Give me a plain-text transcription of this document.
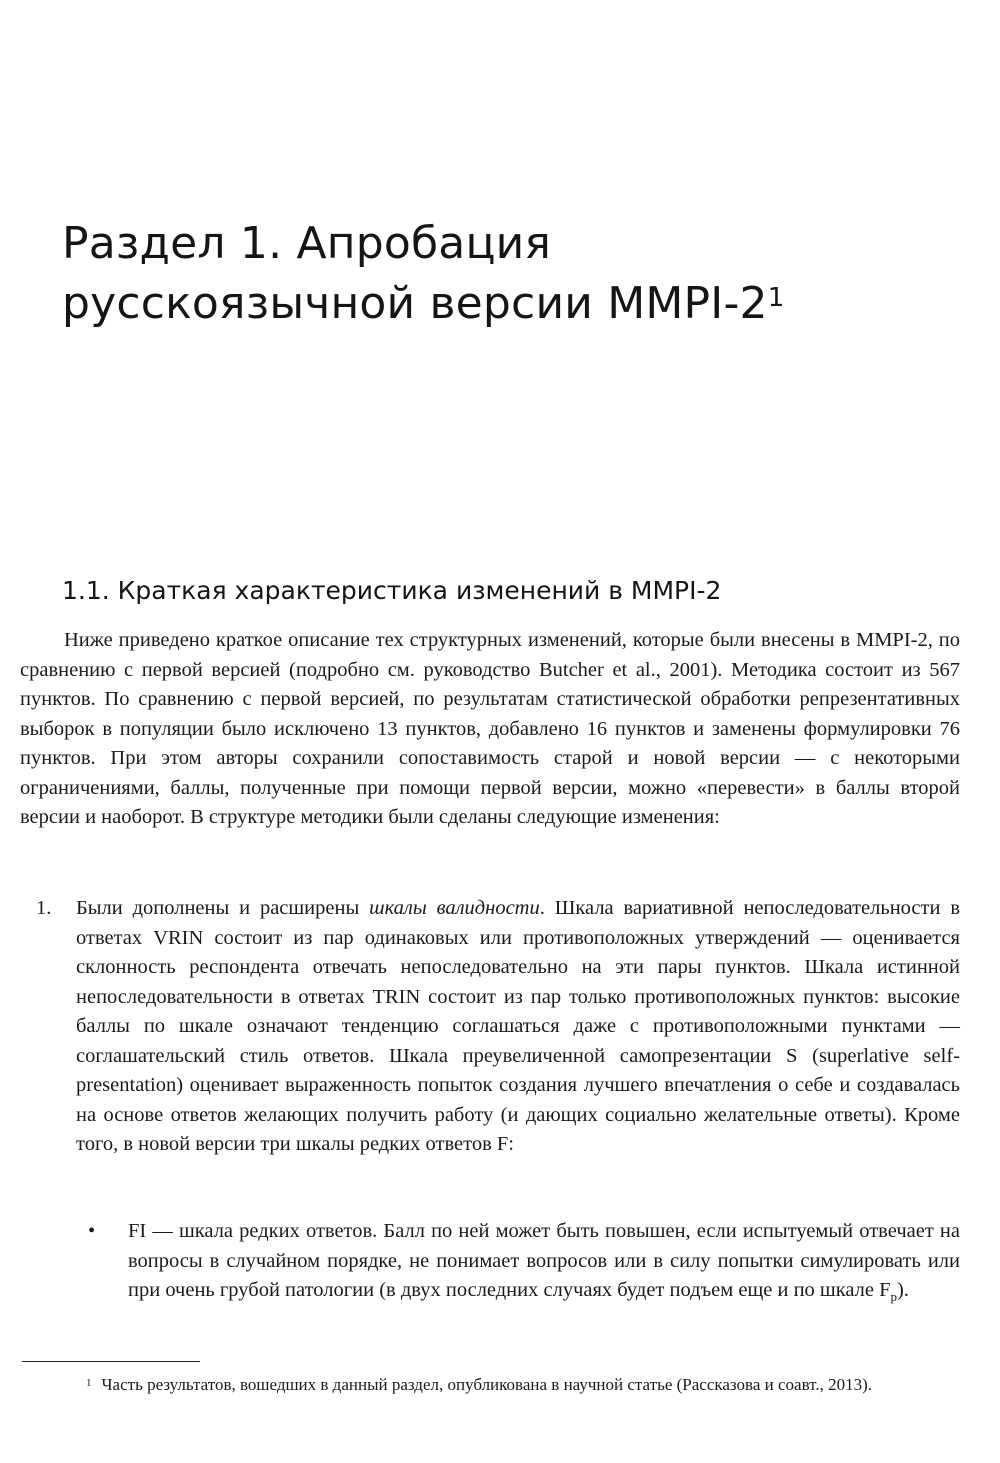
Раздел 1. Апробация
русскоязычной версии MMPI-$2^1$
1.1. Краткая характеристика изменений в MMPI-2

Ниже приведено краткое описание тех структурных изменений, которые были внесены в MMPI-2, по сравнению с первой версией (подробно см. руководство Butcher et al., 2001). Методика состоит из 567 пунктов. По сравнению с первой версией, по результатам статистической обработки репрезентативных выборок в популяции было исключено 13 пунктов, добавлено 16 пунктов и заменены формулировки 76 пунктов. При этом авторы сохранили сопоставимость старой и новой версии — с некоторыми ограничениями, баллы, полученные при помощи первой версии, можно «перевести» в баллы второй версии и наоборот. В структуре методики были сделаны следующие изменения:

1. Были дополнены и расширены шкалы валидности. Шкала вариативной непоследовательности в ответах VRIN состоит из пар одинаковых или противоположных утверждений — оценивается склонность респондента отвечать непоследовательно на эти пары пунктов. Шкала истинной непоследовательности в ответах TRIN состоит из пар только противоположных пунктов: высокие баллы по шкале означают тенденцию соглашаться даже с противоположными пунктами — соглашательский стиль ответов. Шкала преувеличенной самопрезентации S (superlative self-presentation) оценивает выраженность попыток создания лучшего впечатления о себе и создавалась на основе ответов желающих получить работу (и дающих социально желательные ответы). Кроме того, в новой версии три шкалы редких ответов F:
• FI — шкала редких ответов. Балл по ней может быть повышен, если испытуемый отвечает на вопросы в случайном порядке, не понимает вопросов или в силу попытки симулировать или при очень грубой патологии (в двух последних случаях будет подъем еще и по шкале $F_p$).

$^1$ Часть результатов, вошедших в данный раздел, опубликована в научной статье (Рассказова и соавт., 2013).
